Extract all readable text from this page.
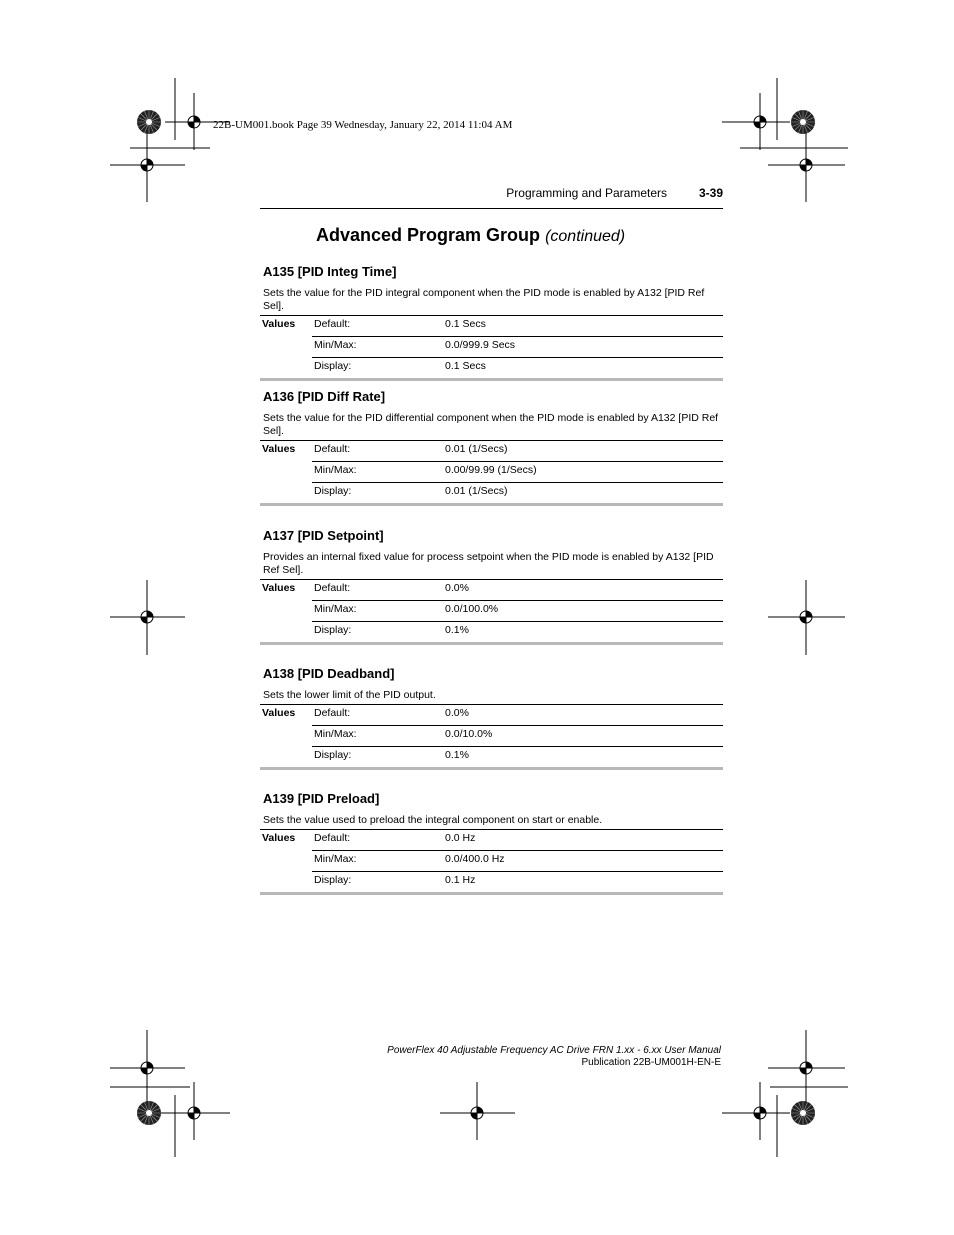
22B-UM001.book Page 39 Wednesday, January 22, 2014 11:04 AM
Programming and Parameters	3-39
Advanced Program Group (continued)
A135 [PID Integ Time]

Sets the value for the PID integral component when the PID mode is enabled by A132 [PID Ref Sel].

Values	Default:	0.1 Secs
	Min/Max:	0.0/999.9 Secs
	Display:	0.1 Secs
A136 [PID Diff Rate]

Sets the value for the PID differential component when the PID mode is enabled by A132 [PID Ref Sel].

Values	Default:	0.01 (1/Secs)
	Min/Max:	0.00/99.99 (1/Secs)
	Display:	0.01 (1/Secs)
A137 [PID Setpoint]

Provides an internal fixed value for process setpoint when the PID mode is enabled by A132 [PID Ref Sel].

Values	Default:	0.0%
	Min/Max:	0.0/100.0%
	Display:	0.1%
A138 [PID Deadband]

Sets the lower limit of the PID output.

Values	Default:	0.0%
	Min/Max:	0.0/10.0%
	Display:	0.1%
A139 [PID Preload]

Sets the value used to preload the integral component on start or enable.

Values	Default:	0.0 Hz
	Min/Max:	0.0/400.0 Hz
	Display:	0.1 Hz
PowerFlex 40 Adjustable Frequency AC Drive FRN 1.xx - 6.xx User Manual
Publication 22B-UM001H-EN-E
